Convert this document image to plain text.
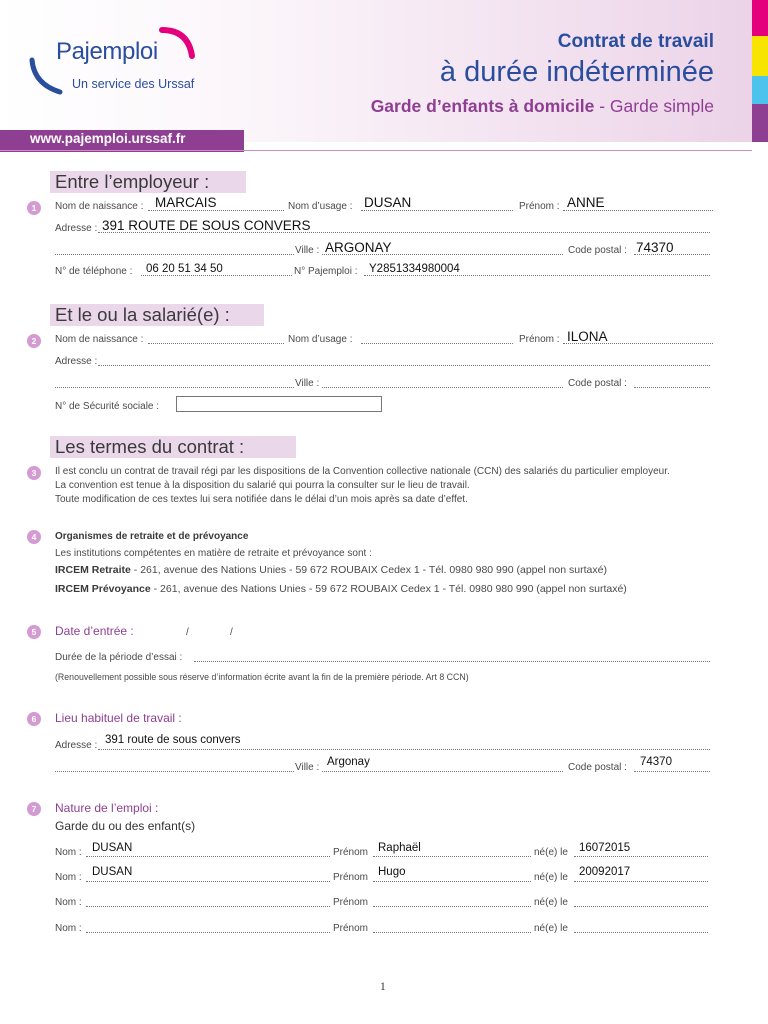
Pajemploi
Un service des Urssaf
Contrat de travail
à durée indéterminée
Garde d’enfants à domicile - Garde simple
www.pajemploi.urssaf.fr
Entre l’employeur :
1	Nom de naissance : MARCAIS	Nom d’usage : DUSAN	Prénom : ANNE
Adresse : 391 ROUTE DE SOUS CONVERS
Ville : ARGONAY	Code postal : 74370
N° de téléphone : 06 20 51 34 50	N° Pajemploi : Y2851334980004
Et le ou la salarié(e) :
2	Nom de naissance :	Nom d’usage :	Prénom : ILONA
Adresse :
Ville :	Code postal :
N° de Sécurité sociale :
Les termes du contrat :
3	Il est conclu un contrat de travail régi par les dispositions de la Convention collective nationale (CCN) des salariés du particulier employeur.
La convention est tenue à la disposition du salarié qui pourra la consulter sur le lieu de travail.
Toute modification de ces textes lui sera notifiée dans le délai d’un mois après sa date d’effet.
4	Organismes de retraite et de prévoyance
Les institutions compétentes en matière de retraite et prévoyance sont :
IRCEM Retraite - 261, avenue des Nations Unies - 59 672 ROUBAIX Cedex 1 - Tél. 0980 980 990 (appel non surtaxé)
IRCEM Prévoyance - 261, avenue des Nations Unies - 59 672 ROUBAIX Cedex 1 - Tél. 0980 980 990 (appel non surtaxé)
5	Date d’entrée :	/	/
Durée de la période d’essai :
(Renouvellement possible sous réserve d’information écrite avant la fin de la première période. Art 8 CCN)
6	Lieu habituel de travail :
Adresse : 391 route de sous convers
Ville : Argonay	Code postal : 74370
7	Nature de l’emploi :
Garde du ou des enfant(s)
Nom : DUSAN	Prénom Raphaël	né(e) le 16072015
Nom : DUSAN	Prénom Hugo	né(e) le 20092017
Nom :	Prénom	né(e) le
Nom :	Prénom	né(e) le
1
